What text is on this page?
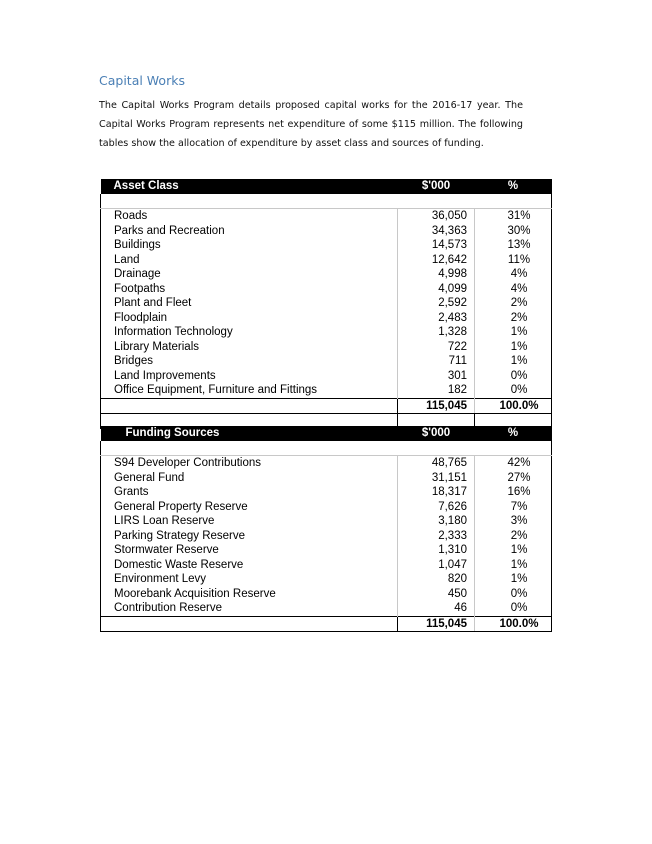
Capital Works
The Capital Works Program details proposed capital works for the 2016-17 year. The Capital Works Program represents net expenditure of some $115 million. The following tables show the allocation of expenditure by asset class and sources of funding.
Asset Class	$'000	%

Roads	36,050	31%
Parks and Recreation	34,363	30%
Buildings	14,573	13%
Land	12,642	11%
Drainage	4,998	4%
Footpaths	4,099	4%
Plant and Fleet	2,592	2%
Floodplain	2,483	2%
Information Technology	1,328	1%
Library Materials	722	1%
Bridges	711	1%
Land Improvements	301	0%
Office Equipment, Furniture and Fittings	182	0%
	115,045	100.0%

Funding Sources	$'000	%

S94 Developer Contributions	48,765	42%
General Fund	31,151	27%
Grants	18,317	16%
General Property Reserve	7,626	7%
LIRS Loan Reserve	3,180	3%
Parking Strategy Reserve	2,333	2%
Stormwater Reserve	1,310	1%
Domestic Waste Reserve	1,047	1%
Environment Levy	820	1%
Moorebank Acquisition Reserve	450	0%
Contribution Reserve	46	0%
	115,045	100.0%
